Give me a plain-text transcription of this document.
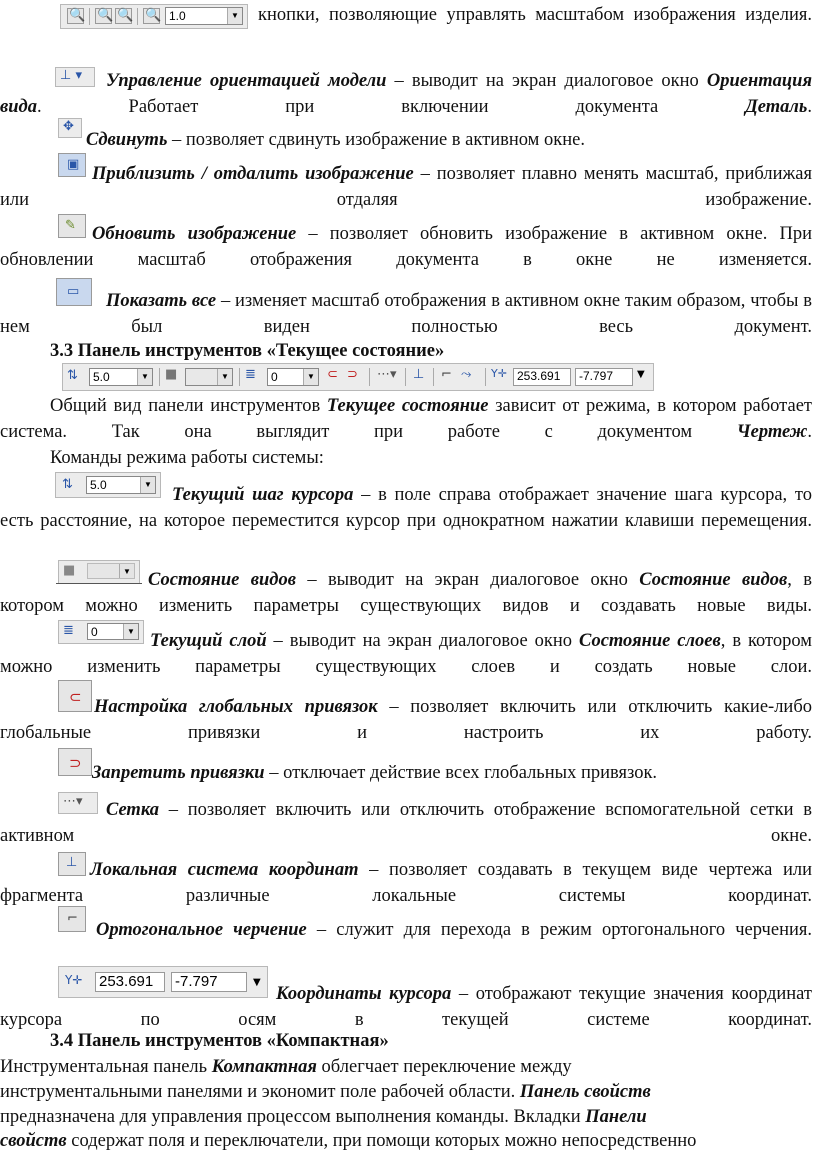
🔍 🔍 🔍 🔍 1.0	▼	кнопки, позволяющие управлять масштабом изображения изделия.
⊥ ▾	Управление ориентацией модели – выводит на экран диалоговое окно Ориентация вида. Работает при включении документа Деталь.
✥
Сдвинуть – позволяет сдвинуть изображение в активном окне.
▣ Приблизить / отдалить изображение – позволяет плавно менять масштаб, приближая или отдаляя изображение.
✎ Обновить изображение – позволяет обновить изображение в активном окне. При обновлении масштаб отображения документа в окне не изменяется.
▭	Показать все – изменяет масштаб отображения в активном окне таким образом, чтобы в нем был виден полностью весь документ.
3.3 Панель инструментов «Текущее состояние»
⇅	5.0	▼ ■	▼ ≣	0	▼ ⊂ ⊃ ⋯▾ ⊥ ⌐ ⤳ Y✛ 253.691	-7.797	▼
Общий вид панели инструментов Текущее состояние зависит от режима, в котором работает система. Так она выглядит при работе с документом Чертеж.
Команды режима работы системы:
⇅	5.0	▼
Текущий шаг курсора – в поле справа отображает значение шага курсора, то есть расстояние, на которое переместится курсор при однократном нажатии клавиши перемещения.
■	▼ Состояние видов – выводит на экран диалоговое окно Состояние видов, в котором можно изменить параметры существующих видов и создавать новые виды.
≣	0	▼ Текущий слой – выводит на экран диалоговое окно Состояние слоев, в котором можно изменить параметры существующих слоев и создать новые слои.
⊂ Настройка глобальных привязок – позволяет включить или отключить какие-либо глобальные привязки и настроить их работу.
⊃ Запретить привязки – отключает действие всех глобальных привязок.
⋯▾	Сетка – позволяет включить или отключить отображение вспомогательной сетки в активном окне.
⊥ Локальная система координат – позволяет создавать в текущем виде чертежа или фрагмента различные локальные системы координат.
⌐
Ортогональное черчение – служит для перехода в режим ортогонального черчения.
Y✛ 253.691	-7.797	▼
Координаты курсора – отображают текущие значения координат курсора по осям в текущей системе координат.
3.4 Панель инструментов «Компактная»
Инструментальная панель Компактная облегчает переключение между
инструментальными панелями и экономит поле рабочей области. Панель свойств
предназначена для управления процессом выполнения команды. Вкладки Панели
свойств содержат поля и переключатели, при помощи которых можно непосредственно
